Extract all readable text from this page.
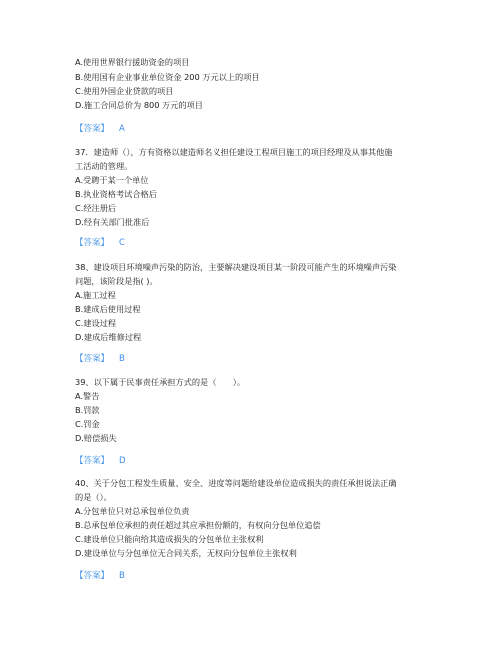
A.使用世界银行援助资金的项目
B.使用国有企业事业单位资金 200 万元以上的项目
C.使用外国企业贷款的项目
D.施工合同总价为 800 万元的项目
【答案】 A
37．建造师（），方有资格以建造师名义担任建设工程项目施工的项目经理及从事其他施
工活动的管理。
A.受聘于某一个单位
B.执业资格考试合格后
C.经注册后
D.经有关部门批准后
【答案】 C
38、建设项目环境噪声污染的防治，主要解决建设项目某一阶段可能产生的环境噪声污染
问题，该阶段是指( )。
A.施工过程
B.建成后使用过程
C.建设过程
D.建成后维修过程
【答案】 B
39、以下属于民事责任承担方式的是（　　）。
A.警告
B.罚款
C.罚金
D.赔偿损失
【答案】 D
40、关于分包工程发生质量、安全、进度等问题给建设单位造成损失的责任承担说法正确
的是（）。
A.分包单位只对总承包单位负责
B.总承包单位承担的责任超过其应承担份额的，有权向分包单位追偿
C.建设单位只能向给其造成损失的分包单位主张权利
D.建设单位与分包单位无合同关系，无权向分包单位主张权利
【答案】 B
